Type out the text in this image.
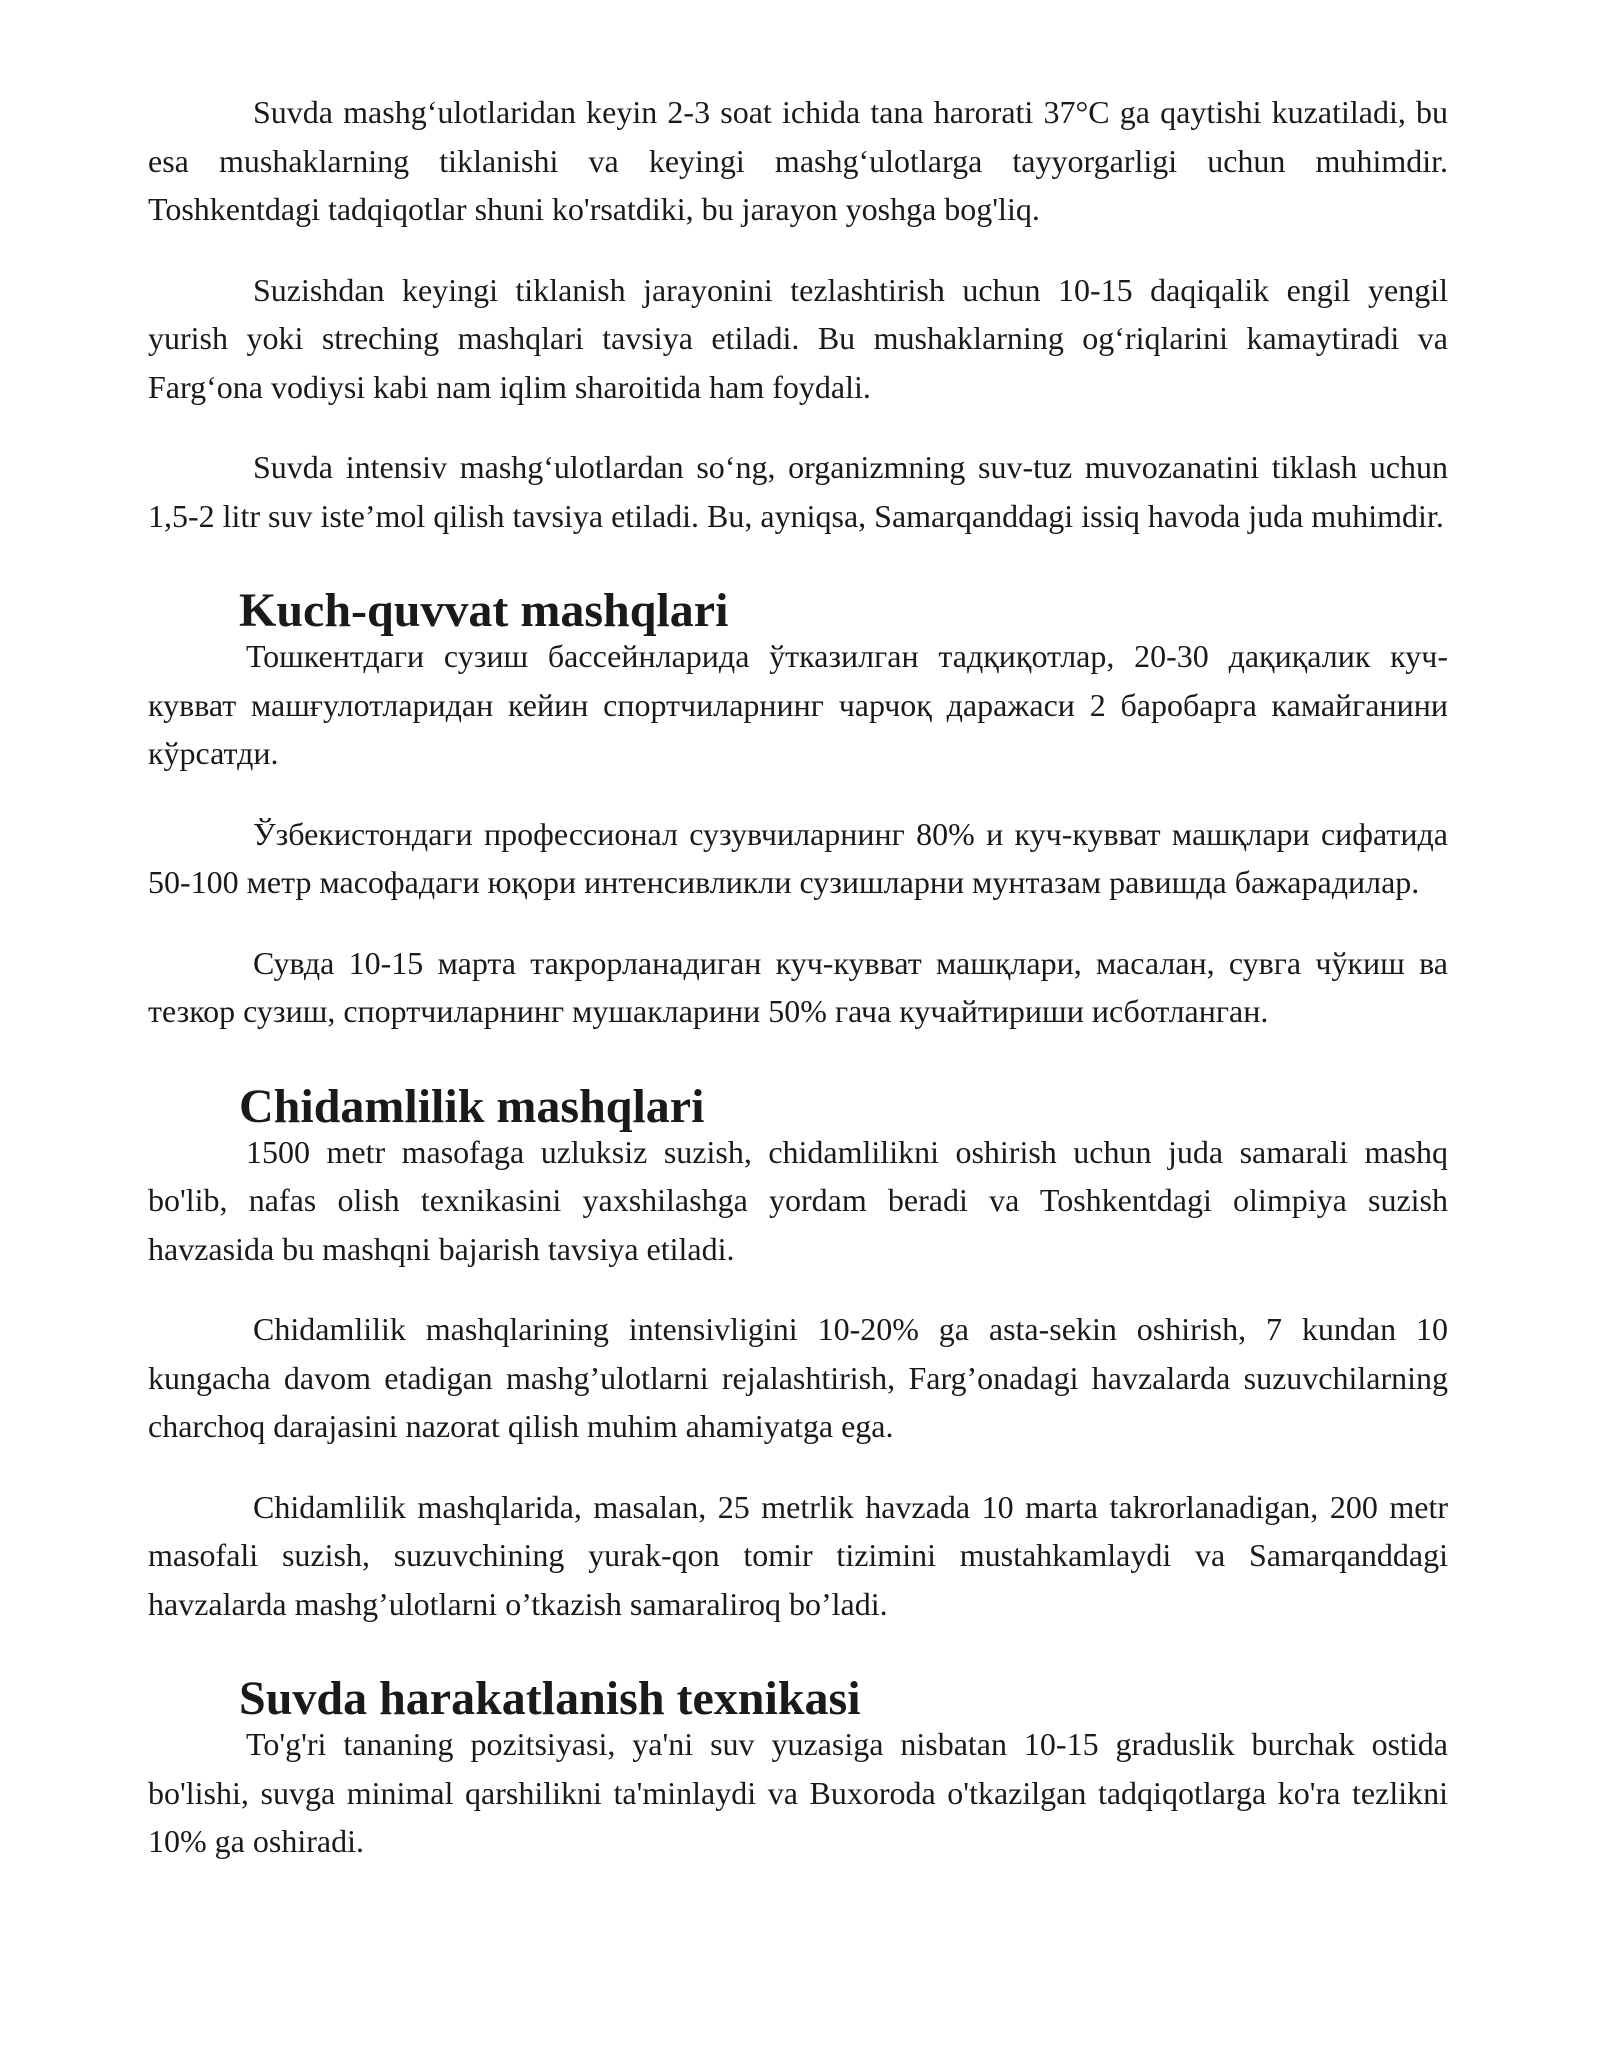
Suvda mashgʻulotlaridan keyin 2-3 soat ichida tana harorati 37°C ga qaytishi kuzatiladi, bu esa mushaklarning tiklanishi va keyingi mashgʻulotlarga tayyorgarligi uchun muhimdir. Toshkentdagi tadqiqotlar shuni ko'rsatdiki, bu jarayon yoshga bog'liq.

Suzishdan keyingi tiklanish jarayonini tezlashtirish uchun 10-15 daqiqalik engil yengil yurish yoki streching mashqlari tavsiya etiladi. Bu mushaklarning ogʻriqlarini kamaytiradi va Fargʻona vodiysi kabi nam iqlim sharoitida ham foydali.

Suvda intensiv mashgʻulotlardan soʻng, organizmning suv-tuz muvozanatini tiklash uchun 1,5-2 litr suv isteʼmol qilish tavsiya etiladi. Bu, ayniqsa, Samarqanddagi issiq havoda juda muhimdir.

Kuch-quvvat mashqlari

Тошкентдаги сузиш бассейнларида ўтказилган тадқиқотлар, 20-30 дақиқалик куч-кувват машғулотларидан кейин спортчиларнинг чарчоқ даражаси 2 баробарга камайганини кўрсатди.

Ўзбекистондаги профессионал сузувчиларнинг 80% и куч-кувват машқлари сифатида 50-100 метр масофадаги юқори интенсивликли сузишларни мунтазам равишда бажарадилар.

Сувда 10-15 марта такрорланадиган куч-кувват машқлари, масалан, сувга чўкиш ва тезкор сузиш, спортчиларнинг мушакларини 50% гача кучайтириши исботланган.

Chidamlilik mashqlari

1500 metr masofaga uzluksiz suzish, chidamlilikni oshirish uchun juda samarali mashq bo'lib, nafas olish texnikasini yaxshilashga yordam beradi va Toshkentdagi olimpiya suzish havzasida bu mashqni bajarish tavsiya etiladi.

Chidamlilik mashqlarining intensivligini 10-20% ga asta-sekin oshirish, 7 kundan 10 kungacha davom etadigan mashg’ulotlarni rejalashtirish, Farg’onadagi havzalarda suzuvchilarning charchoq darajasini nazorat qilish muhim ahamiyatga ega.

Chidamlilik mashqlarida, masalan, 25 metrlik havzada 10 marta takrorlanadigan, 200 metr masofali suzish, suzuvchining yurak-qon tomir tizimini mustahkamlaydi va Samarqanddagi havzalarda mashg’ulotlarni o’tkazish samaraliroq bo’ladi.

Suvda harakatlanish texnikasi

To'g'ri tananing pozitsiyasi, ya'ni suv yuzasiga nisbatan 10-15 graduslik burchak ostida bo'lishi, suvga minimal qarshilikni ta'minlaydi va Buxoroda o'tkazilgan tadqiqotlarga ko'ra tezlikni 10% ga oshiradi.
